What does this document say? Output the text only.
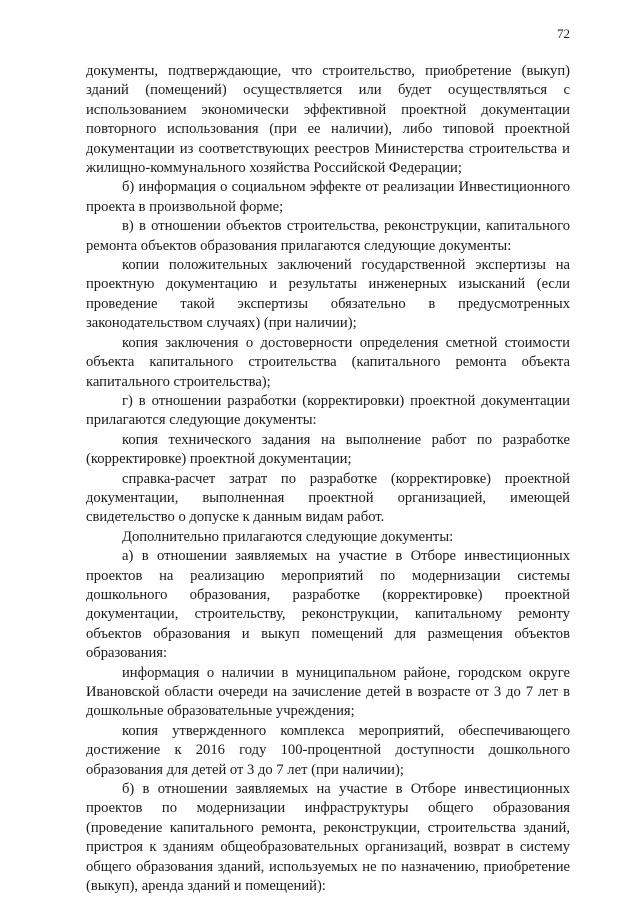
72

документы, подтверждающие, что строительство, приобретение (выкуп) зданий (помещений) осуществляется или будет осуществляться с использованием экономически эффективной проектной документации повторного использования (при ее наличии), либо типовой проектной документации из соответствующих реестров Министерства строительства и жилищно-коммунального хозяйства Российской Федерации;

б) информация о социальном эффекте от реализации Инвестиционного проекта в произвольной форме;

в) в отношении объектов строительства, реконструкции, капитального ремонта объектов образования прилагаются следующие документы:

копии положительных заключений государственной экспертизы на проектную документацию и результаты инженерных изысканий (если проведение такой экспертизы обязательно в предусмотренных законодательством случаях) (при наличии);

копия заключения о достоверности определения сметной стоимости объекта капитального строительства (капитального ремонта объекта капитального строительства);

г) в отношении разработки (корректировки) проектной документации прилагаются следующие документы:

копия технического задания на выполнение работ по разработке (корректировке) проектной документации;

справка-расчет затрат по разработке (корректировке) проектной документации, выполненная проектной организацией, имеющей свидетельство о допуске к данным видам работ.

Дополнительно прилагаются следующие документы:

а) в отношении заявляемых на участие в Отборе инвестиционных проектов на реализацию мероприятий по модернизации системы дошкольного образования, разработке (корректировке) проектной документации, строительству, реконструкции, капитальному ремонту объектов образования и выкуп помещений для размещения объектов образования:

информация о наличии в муниципальном районе, городском округе Ивановской области очереди на зачисление детей в возрасте от 3 до 7 лет в дошкольные образовательные учреждения;

копия утвержденного комплекса мероприятий, обеспечивающего достижение к 2016 году 100-процентной доступности дошкольного образования для детей от 3 до 7 лет (при наличии);

б) в отношении заявляемых на участие в Отборе инвестиционных проектов по модернизации инфраструктуры общего образования (проведение капитального ремонта, реконструкции, строительства зданий, пристроя к зданиям общеобразовательных организаций, возврат в систему общего образования зданий, используемых не по назначению, приобретение (выкуп), аренда зданий и помещений):
